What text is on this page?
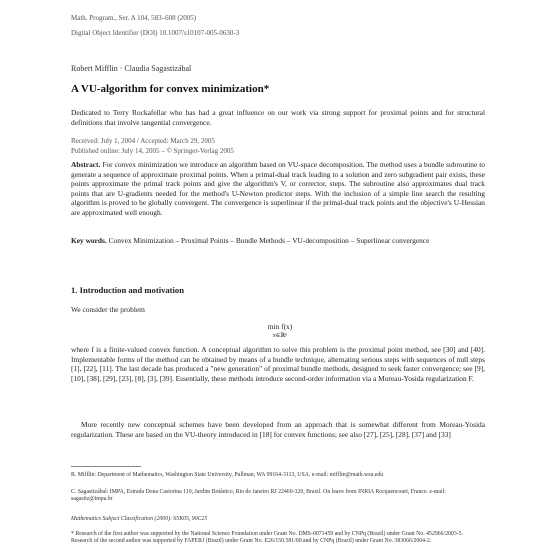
Math. Program., Ser. A 104, 583–608 (2005)
Digital Object Identifier (DOI) 10.1007/s10107-005-0630-3
Robert Mifflin · Claudia Sagastizábal
A VU-algorithm for convex minimization*
Dedicated to Terry Rockafellar who has had a great influence on our work via strong support for proximal points and for structural definitions that involve tangential convergence.
Received: July 1, 2004 / Accepted: March 29, 2005
Published online: July 14, 2005 – © Springer-Verlag 2005
Abstract. For convex minimization we introduce an algorithm based on VU-space decomposition. The method uses a bundle subroutine to generate a sequence of approximate proximal points. When a primal-dual track leading to a solution and zero subgradient pair exists, these points approximate the primal track points and give the algorithm's V, or corrector, steps. The subroutine also approximates dual track points that are U-gradients needed for the method's U-Newton predictor steps. With the inclusion of a simple line search the resulting algorithm is proved to be globally convergent. The convergence is superlinear if the primal-dual track points and the objective's U-Hessian are approximated well enough.
Key words. Convex Minimization – Proximal Points – Bundle Methods – VU-decomposition – Superlinear convergence
1. Introduction and motivation
We consider the problem
min f(x)
x∈ℝⁿ
where f is a finite-valued convex function. A conceptual algorithm to solve this problem is the proximal point method, see [30] and [40]. Implementable forms of the method can be obtained by means of a bundle technique, alternating serious steps with sequences of null steps [1], [22], [11]. The last decade has produced a "new generation" of proximal bundle methods, designed to seek faster convergence; see [9], [10], [38], [29], [23], [8], [3], [39]. Essentially, these methods introduce second-order information via a Moreau-Yosida regularization F.
More recently new conceptual schemes have been developed from an approach that is somewhat different from Moreau-Yosida regularization. These are based on the VU-theory introduced in [18] for convex functions; see also [27], [25], [28], [37] and [33]
R. Mifflin: Department of Mathematics, Washington State University, Pullman, WA 99164-3113, USA. e-mail: mifflin@math.wsu.edu
C. Sagastizábal: IMPA, Estrada Dona Castorina 110, Jardim Botânico, Rio de Janeiro RJ 22460-320, Brazil. On leave from INRIA Rocquencourt, France. e-mail: sagastiz@impa.br
Mathematics Subject Classification (2000): 65K05, 90C25
* Research of the first author was supported by the National Science Foundation under Grant No. DMS-0071459 and by CNPq (Brazil) under Grant No. 452966/2003-5. Research of the second author was supported by FAPERJ (Brazil) under Grant No. E26/150.581/00 and by CNPq (Brazil) under Grant No. 383066/2004-2.
